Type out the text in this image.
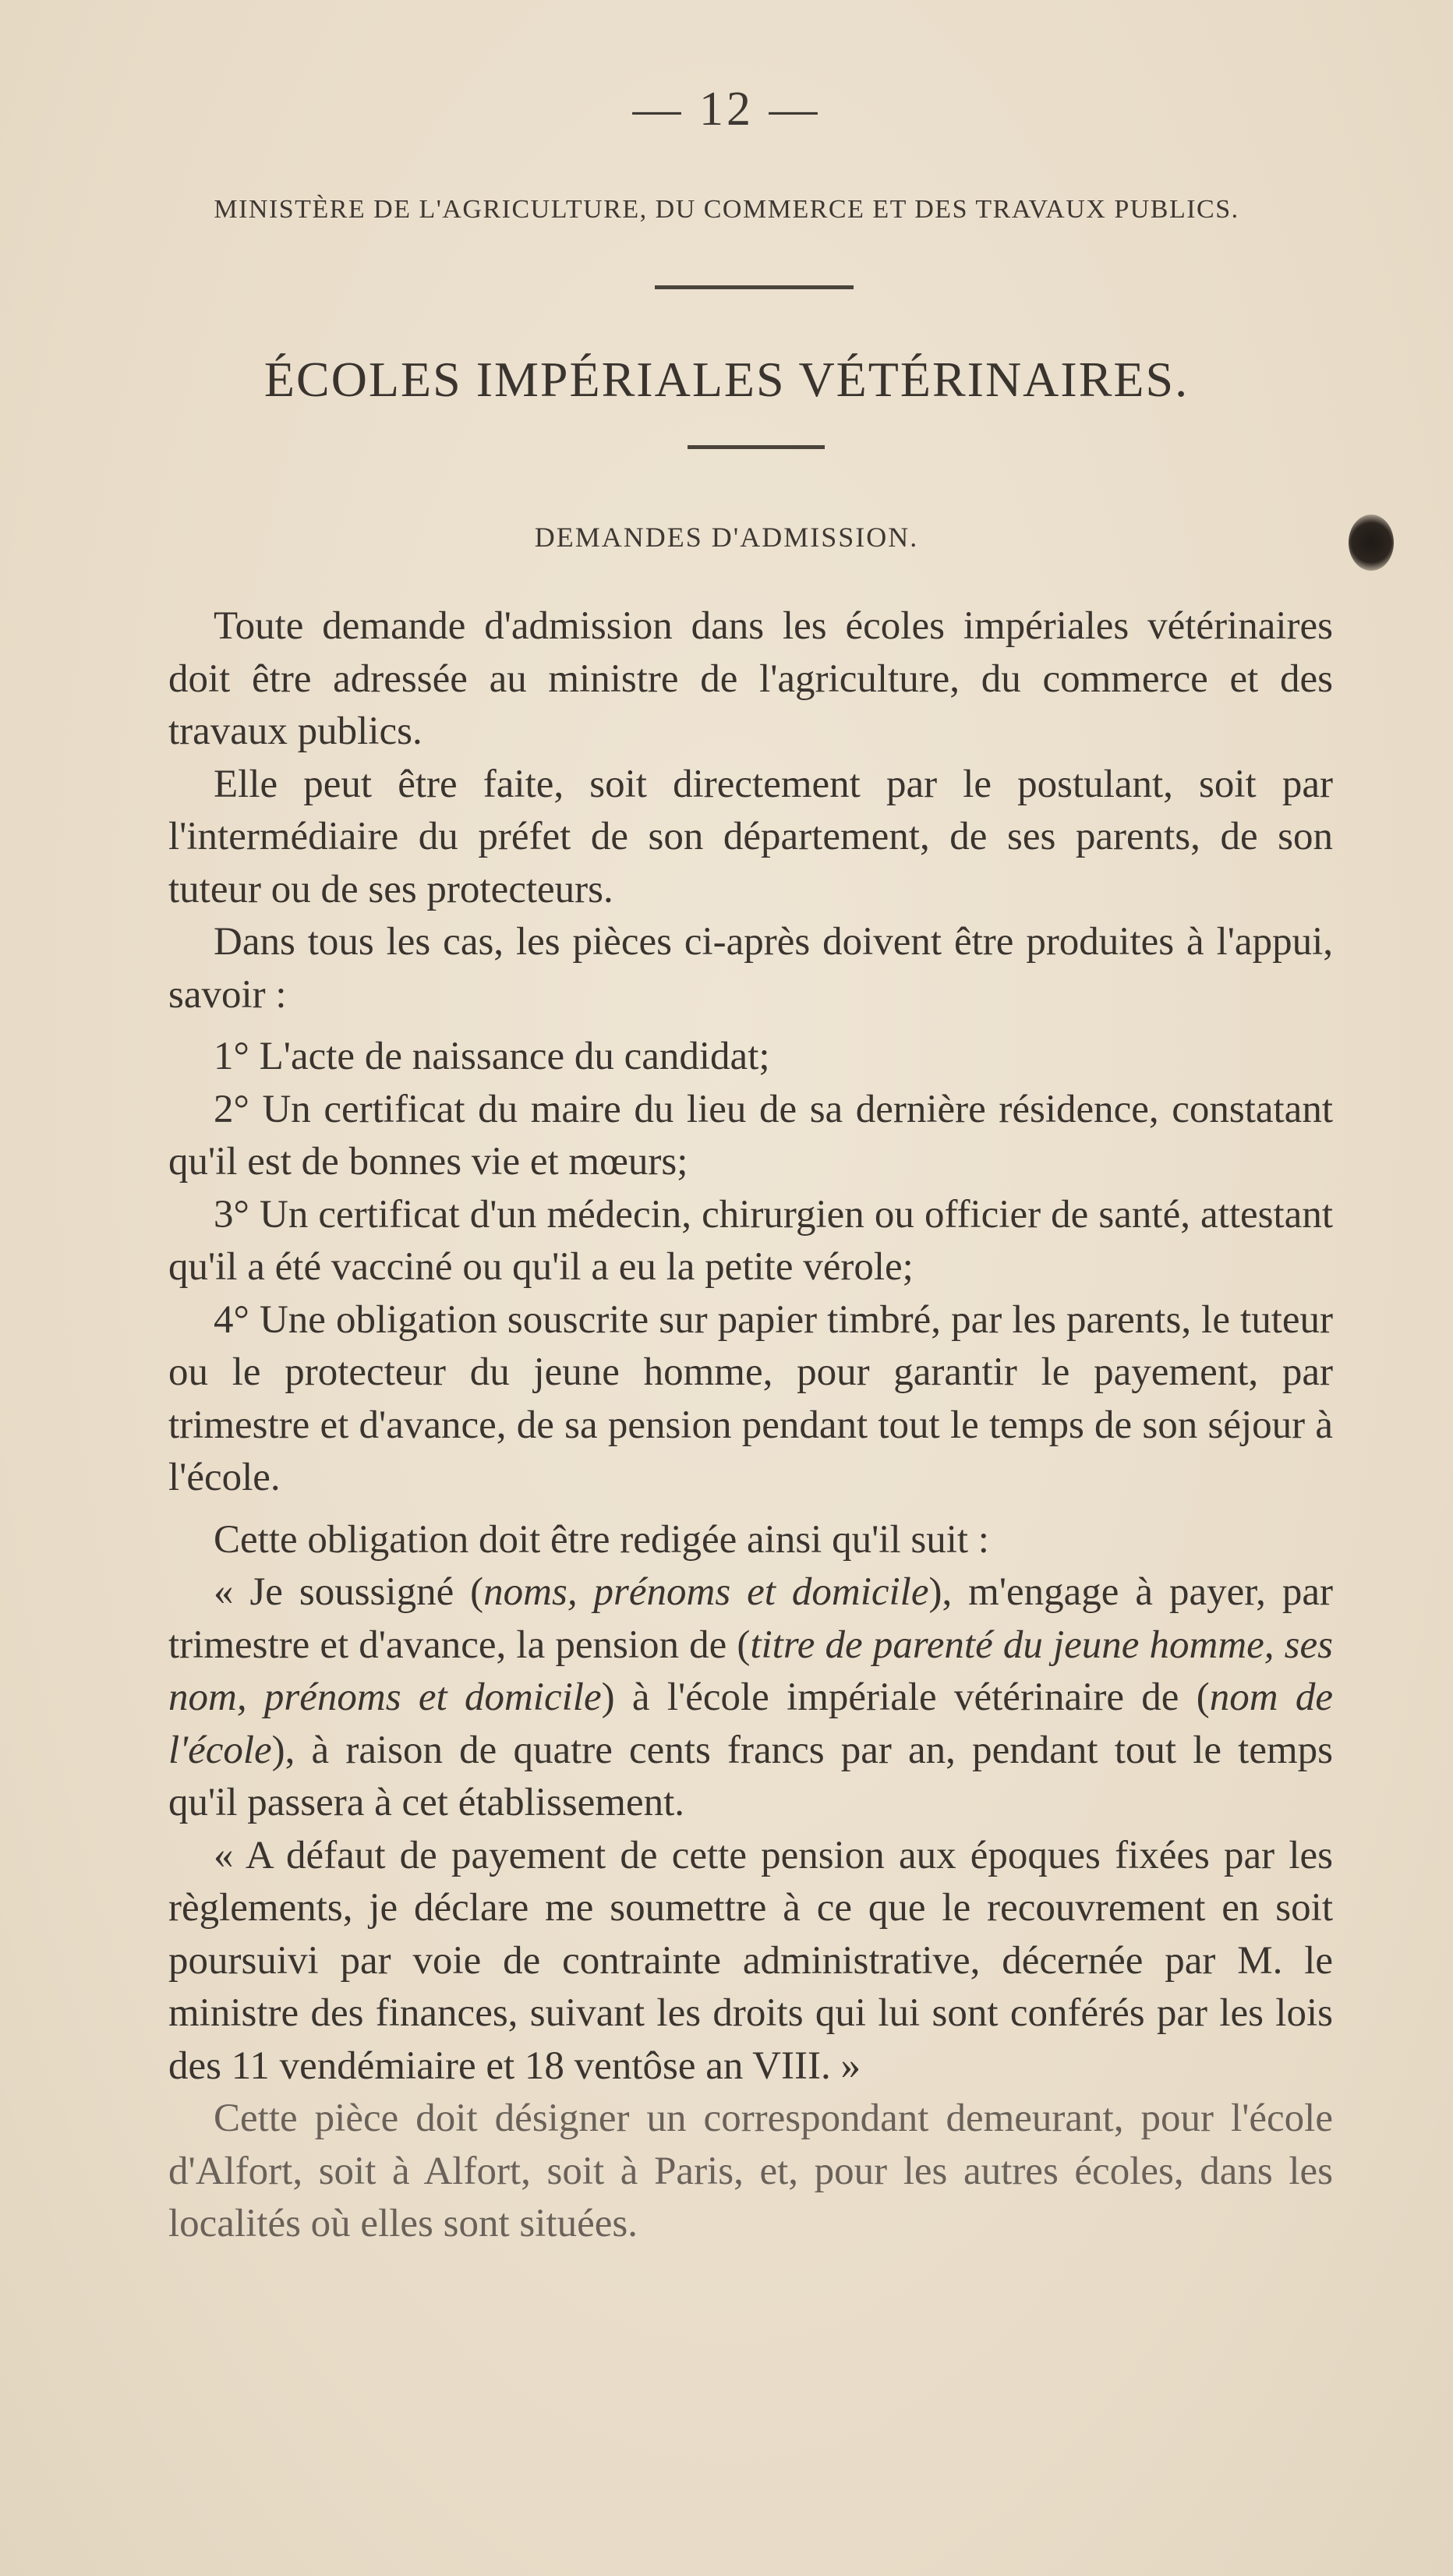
— 12 —
MINISTÈRE DE L'AGRICULTURE, DU COMMERCE ET DES TRAVAUX PUBLICS.
ÉCOLES IMPÉRIALES VÉTÉRINAIRES.
DEMANDES D'ADMISSION.

Toute demande d'admission dans les écoles impériales vétérinaires doit être adressée au ministre de l'agriculture, du commerce et des travaux publics.

Elle peut être faite, soit directement par le postulant, soit par l'intermédiaire du préfet de son département, de ses parents, de son tuteur ou de ses protecteurs.

Dans tous les cas, les pièces ci-après doivent être produites à l'appui, savoir :

1° L'acte de naissance du candidat;

2° Un certificat du maire du lieu de sa dernière résidence, constatant qu'il est de bonnes vie et mœurs;

3° Un certificat d'un médecin, chirurgien ou officier de santé, attestant qu'il a été vacciné ou qu'il a eu la petite vérole;

4° Une obligation souscrite sur papier timbré, par les parents, le tuteur ou le protecteur du jeune homme, pour garantir le payement, par trimestre et d'avance, de sa pension pendant tout le temps de son séjour à l'école.

Cette obligation doit être redigée ainsi qu'il suit :

« Je soussigné (noms, prénoms et domicile), m'engage à payer, par trimestre et d'avance, la pension de (titre de parenté du jeune homme, ses nom, prénoms et domicile) à l'école impériale vétérinaire de (nom de l'école), à raison de quatre cents francs par an, pendant tout le temps qu'il passera à cet établissement.

« A défaut de payement de cette pension aux époques fixées par les règlements, je déclare me soumettre à ce que le recouvrement en soit poursuivi par voie de contrainte administrative, décernée par M. le ministre des finances, suivant les droits qui lui sont conférés par les lois des 11 vendémiaire et 18 ventôse an VIII. »

Cette pièce doit désigner un correspondant demeurant, pour l'école d'Alfort, soit à Alfort, soit à Paris, et, pour les autres écoles, dans les localités où elles sont situées.
